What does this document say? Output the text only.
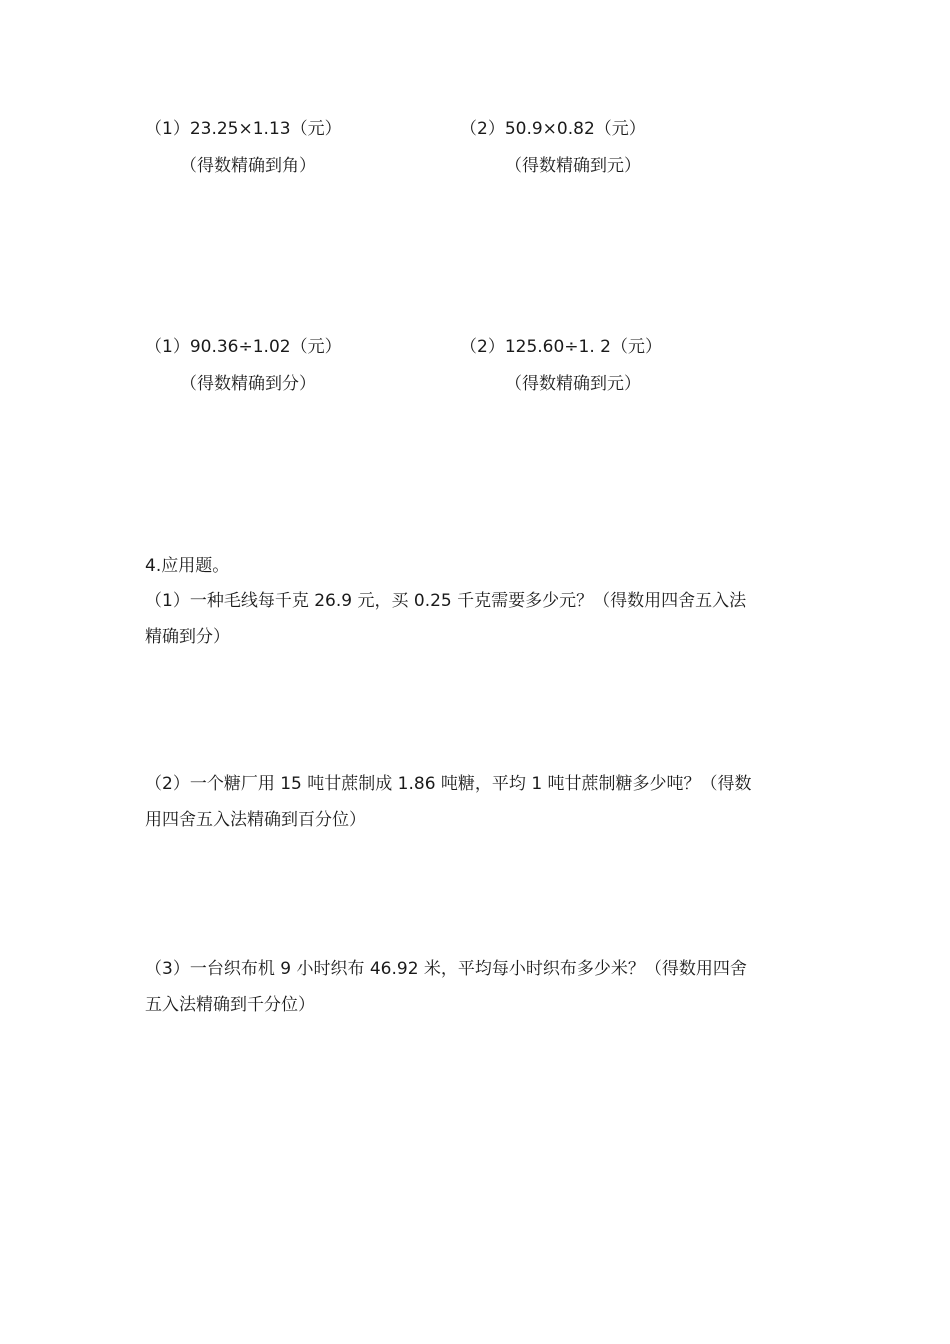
（1）23.25×1.13（元）
（得数精确到角）
（2）50.9×0.82（元）
（得数精确到元）
（1）90.36÷1.02（元）
（得数精确到分）
（2）125.60÷1. 2（元）
（得数精确到元）
4.应用题。
（1）一种毛线每千克 26.9 元，买 0.25 千克需要多少元？（得数用四舍五入法
精确到分）
（2）一个糖厂用 15 吨甘蔗制成 1.86 吨糖，平均 1 吨甘蔗制糖多少吨？（得数
用四舍五入法精确到百分位）
（3）一台织布机 9 小时织布 46.92 米，平均每小时织布多少米？（得数用四舍
五入法精确到千分位）
